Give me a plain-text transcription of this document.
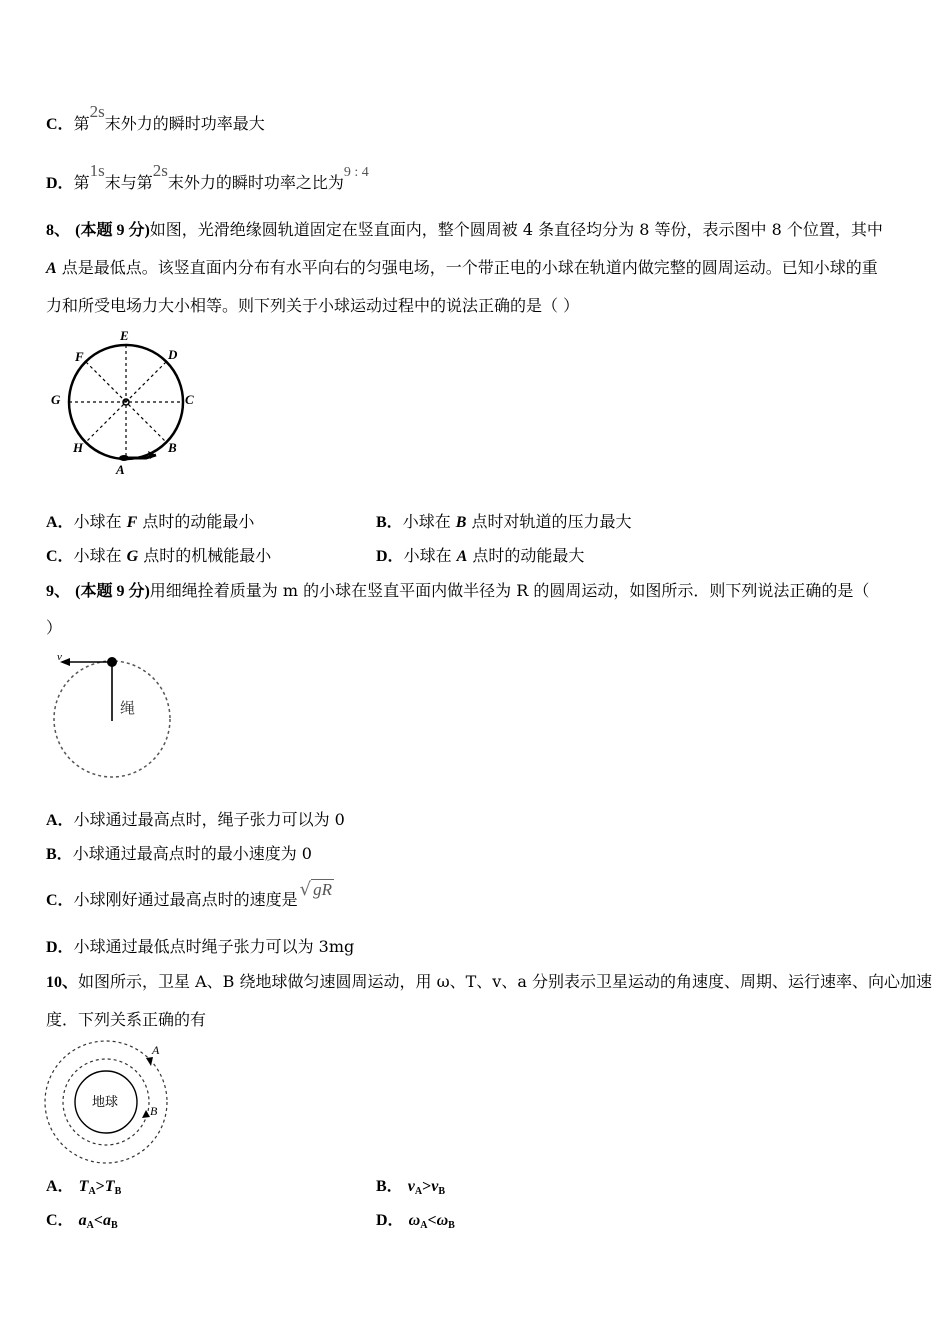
C．第2s末外力的瞬时功率最大
D．第1s末与第2s末外力的瞬时功率之比为9 : 4
8、 (本题 9 分)如图，光滑绝缘圆轨道固定在竖直面内，整个圆周被 4 条直径均分为 8 等份，表示图中 8 个位置，其中
A 点是最低点。该竖直面内分布有水平向右的匀强电场，一个带正电的小球在轨道内做完整的圆周运动。已知小球的重
力和所受电场力大小相等。则下列关于小球运动过程中的说法正确的是（ ）
E
D
F
G	C
H	B
A
A．小球在 F 点时的动能最小	B．小球在 B 点时对轨道的压力最大
C．小球在 G 点时的机械能最小	D．小球在 A 点时的动能最大
9、 (本题 9 分)用细绳拴着质量为 m 的小球在竖直平面内做半径为 R 的圆周运动，如图所示．则下列说法正确的是（
）
v
绳
A．小球通过最高点时，绳子张力可以为 0
B．小球通过最高点时的最小速度为 0
C．小球刚好通过最高点时的速度是 √ gR
D．小球通过最低点时绳子张力可以为 3mg
10、如图所示，卫星 A、B 绕地球做匀速圆周运动，用 ω、T、v、a 分别表示卫星运动的角速度、周期、运行速率、向心加速
度．下列关系正确的有
地球
A
B
A． $T_A>T_B$	B． $v_A>v_B$
C． $a_A<a_B$	D． $\omega_A<\omega_B$
